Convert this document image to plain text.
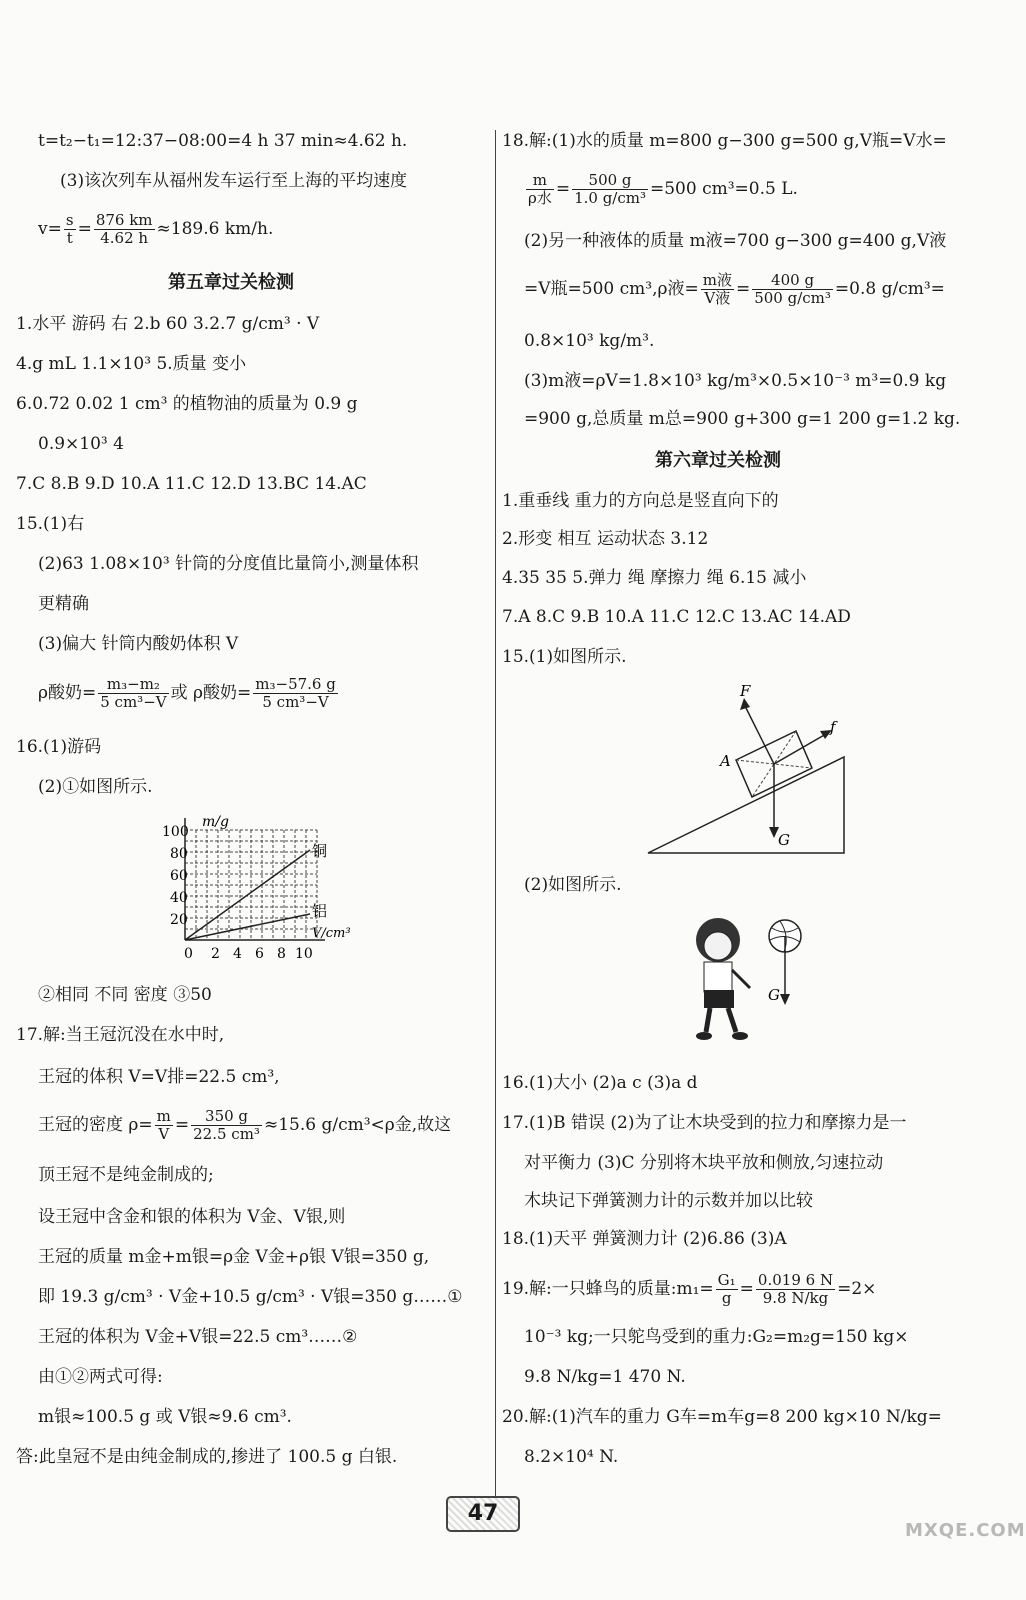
t=t₂−t₁=12:37−08:00=4 h 37 min≈4.62 h.
(3)该次列车从福州发车运行至上海的平均速度
$v= \frac{s}{t} = \frac{876 km}{4.62 h} \approx 189.6$ km/h.
第五章过关检测
1.水平 游码 右 2.b 60 3.2.7 g/cm³ · V
4.g mL 1.1×10³ 5.质量 变小
6.0.72 0.02 1 cm³ 的植物油的质量为 0.9 g
0.9×10³ 4
7.C 8.B 9.D 10.A 11.C 12.D 13.BC 14.AC
15.(1)右
(2)63 1.08×10³ 针筒的分度值比量筒小,测量体积
更精确
(3)偏大 针筒内酸奶体积 V
ρ酸奶= $\frac{\text{m₃−m₂}}{\text{5 cm³−V}}$ 或 ρ酸奶= $\frac{\text{m₃−57.6 g}}{\text{5 cm³−V}}$
16.(1)游码
(2)①如图所示.
m/g
100
80
60
40
20
0 2 4 6 8 10
V/cm³
铜
铝
②相同 不同 密度 ③50
17.解:当王冠沉没在水中时,
王冠的体积 V=V排=22.5 cm³,
王冠的密度 $\rho= \frac{m}{V} = \frac{350 g}{\text{22.5 cm³}} \approx 15.6$ g/cm³<ρ金,故这
顶王冠不是纯金制成的;
设王冠中含金和银的体积为 V金、V银,则
王冠的质量 m金+m银=ρ金 V金+ρ银 V银=350 g,
即 19.3 g/cm³ · V金+10.5 g/cm³ · V银=350 g……①
王冠的体积为 V金+V银=22.5 cm³……②
由①②两式可得:
m银≈100.5 g 或 V银≈9.6 cm³.
答:此皇冠不是由纯金制成的,掺进了 100.5 g 白银.
18.解:(1)水的质量 m=800 g−300 g=500 g,V瓶=V水=
$\frac{m}{\text{ρ水}} = \frac{500 g}{\text{1.0 g/cm³}} =500$ cm³=0.5 L.
(2)另一种液体的质量 m液=700 g−300 g=400 g,V液
=V瓶=500 cm³,ρ液= $\frac{\text{m液}}{\text{V液}} = \frac{400 g}{\text{500 g/cm³}} =0.8$ g/cm³=
0.8×10³ kg/m³.
(3)m液=ρV=1.8×10³ kg/m³×0.5×10⁻³ m³=0.9 kg
=900 g,总质量 m总=900 g+300 g=1 200 g=1.2 kg.
第六章过关检测
1.重垂线 重力的方向总是竖直向下的
2.形变 相互 运动状态 3.12
4.35 35 5.弹力 绳 摩擦力 绳 6.15 减小
7.A 8.C 9.B 10.A 11.C 12.C 13.AC 14.AD
15.(1)如图所示.
F
f
A
G
(2)如图所示.
G
16.(1)大小 (2)a c (3)a d
17.(1)B 错误 (2)为了让木块受到的拉力和摩擦力是一
对平衡力 (3)C 分别将木块平放和侧放,匀速拉动
木块记下弹簧测力计的示数并加以比较
18.(1)天平 弹簧测力计 (2)6.86 (3)A
19.解:一只蜂鸟的质量:m₁= $\frac{\text{G₁}}{g} = \frac{0.019 6 N}{9.8 N/kg} =2\times$
10⁻³ kg;一只鸵鸟受到的重力:G₂=m₂g=150 kg×
9.8 N/kg=1 470 N.
20.解:(1)汽车的重力 G车=m车g=8 200 kg×10 N/kg=
8.2×10⁴ N.
47
MXQE.COM
